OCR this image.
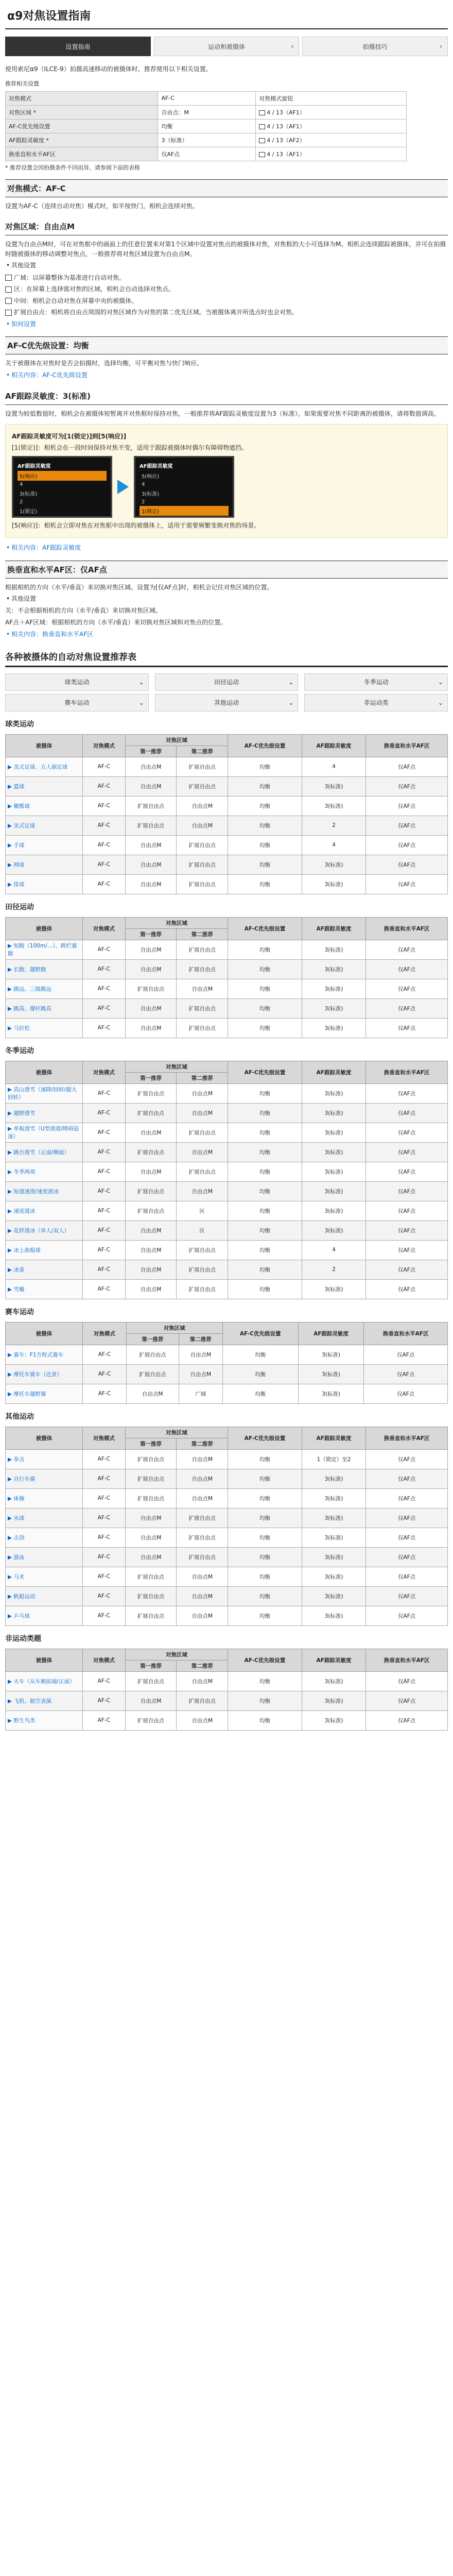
α9对焦设置指南
设置指南	运动和被摄体	›	拍摄技巧	›

使用索尼α9（ILCE-9）拍摄高速移动的被摄体时，推荐使用以下相关设置。

推荐相关设置

对焦模式	AF-C	对焦模式旋钮
对焦区域 *	自由点：M	4 / 13（AF1）
AF-C优先级设置	均衡	4 / 13（AF1）
AF跟踪灵敏度 *	3（标准）	4 / 13（AF2）
换垂直和水平AF区	仅AF点	4 / 13（AF1）

* 推荐设置会因拍摄条件不同而异，请参阅下面的表格

对焦模式：AF-C

设置为AF-C（连续自动对焦）模式时，如半按快门，相机会连续对焦。

对焦区域：自由点M

设置为自由点M时，可在对焦框中的画面上的任意位置来对第1个区域中设置对焦点的被摄体对焦，对焦框的大小可选择为M。相机会连续跟踪被摄体，并可在拍摄时随被摄体的移动调整对焦点，一般推荐将对焦区域设置为自由点M。

• 其他设置

广域：以屏幕整体为基准进行自动对焦。

区：在屏幕上选择需对焦的区域，相机会自动选择对焦点。

中间：相机会自动对焦在屏幕中央的被摄体。

扩展自由点：相机将自由点周围的对焦区域作为对焦的第二优先区域。当被摄体离开所选点时也会对焦。

• 如何设置
AF-C优先级设置：均衡

关于被摄体在对焦时是否会拍摄时，选择均衡，可平衡对焦与快门响应。

• 相关内容：AF-C优先级设置
AF跟踪灵敏度：3(标准)

设置为较低数值时，相机会在被摄体短暂离开对焦框时保持对焦，一般推荐将AF跟踪灵敏度设置为3（标准），如果需要对焦不同距离的被摄体，请将数值调高。

AF跟踪灵敏度可为[1(锁定)]到[5(响应)]

[1(锁定)]：相机会在一段时间保持对焦不变，适用于跟踪被摄体时偶尔有障碍物遮挡。

AF跟踪灵敏度
5(响应)
4
3(标准)
2
1(锁定)
AF跟踪灵敏度
5(响应)
4
3(标准)
2
1(锁定)

[5(响应)]：相机会立即对焦在对焦框中出现的被摄体上，适用于需要频繁变换对焦的场景。

• 相关内容：AF跟踪灵敏度
换垂直和水平AF区：仅AF点

根据相机的方向（水平/垂直）来切换对焦区域。设置为[仅AF点]时，相机会记住对焦区域的位置。

• 其他设置

关：不会根据相机的方向（水平/垂直）来切换对焦区域。

AF点＋AF区域：根据相机的方向（水平/垂直）来切换对焦区域和对焦点的位置。

• 相关内容：换垂直和水平AF区
各种被摄体的自动对焦设置推荐表
球类运动	⌄	田径运动	⌄	冬季运动	⌄
赛车运动	⌄	其他运动	⌄	非运动类	⌄
球类运动
被摄体	对焦模式	对焦区域		AF-C优先级设置	AF跟踪灵敏度	换垂直和水平AF区
		第一推荐	第二推荐			
▶ 美式足球、五人制足球	AF-C	自由点M	扩展自由点	均衡	4	仅AF点
▶ 篮球	AF-C	自由点M	扩展自由点	均衡	3(标准)	仅AF点
▶ 橄榄球	AF-C	扩展自由点	自由点M	均衡	3(标准)	仅AF点
▶ 美式足球	AF-C	扩展自由点	自由点M	均衡	2	仅AF点
▶ 手球	AF-C	自由点M	扩展自由点	均衡	4	仅AF点
▶ 网球	AF-C	自由点M	扩展自由点	均衡	3(标准)	仅AF点
▶ 排球	AF-C	自由点M	扩展自由点	均衡	3(标准)	仅AF点
田径运动
被摄体	对焦模式	对焦区域		AF-C优先级设置	AF跟踪灵敏度	换垂直和水平AF区
		第一推荐	第二推荐			
▶ 短跑（100m/…）、跨栏赛跑	AF-C	自由点M	扩展自由点	均衡	3(标准)	仅AF点
▶ 长跑、越野跑	AF-C	自由点M	扩展自由点	均衡	3(标准)	仅AF点
▶ 跳远、三级跳远	AF-C	扩展自由点	自由点M	均衡	3(标准)	仅AF点
▶ 跳高、撑杆跳高	AF-C	自由点M	扩展自由点	均衡	3(标准)	仅AF点
▶ 马拉松	AF-C	自由点M	扩展自由点	均衡	3(标准)	仅AF点
冬季运动
被摄体	对焦模式	对焦区域		AF-C优先级设置	AF跟踪灵敏度	换垂直和水平AF区
		第一推荐	第二推荐			
▶ 高山滑雪（速降/回转/超大回转）	AF-C	扩展自由点	自由点M	均衡	3(标准)	仅AF点
▶ 越野滑雪	AF-C	扩展自由点	自由点M	均衡	3(标准)	仅AF点
▶ 单板滑雪（U型滑道/障碍追逐）	AF-C	自由点M	扩展自由点	均衡	3(标准)	仅AF点
▶ 跳台滑雪（正面/侧面）	AF-C	扩展自由点	自由点M	均衡	3(标准)	仅AF点
▶ 冬季两项	AF-C	自由点M	扩展自由点	均衡	3(标准)	仅AF点
▶ 短道速滑/速度滑冰	AF-C	扩展自由点	自由点M	均衡	3(标准)	仅AF点
▶ 速度滑冰	AF-C	扩展自由点	区	均衡	3(标准)	仅AF点
▶ 花样滑冰（单人/双人）	AF-C	自由点M	区	均衡	3(标准)	仅AF点
▶ 冰上曲棍球	AF-C	自由点M	扩展自由点	均衡	4	仅AF点
▶ 冰壶	AF-C	自由点M	扩展自由点	均衡	2	仅AF点
▶ 雪橇	AF-C	自由点M	扩展自由点	均衡	3(标准)	仅AF点
赛车运动
被摄体	对焦模式	对焦区域		AF-C优先级设置	AF跟踪灵敏度	换垂直和水平AF区
		第一推荐	第二推荐			
▶ 赛车：F1方程式赛车	AF-C	扩展自由点	自由点M	均衡	3(标准)	仅AF点
▶ 摩托车赛车（近景）	AF-C	扩展自由点	自由点M	均衡	3(标准)	仅AF点
▶ 摩托车越野赛	AF-C	自由点M	广域	均衡	3(标准)	仅AF点
其他运动
被摄体	对焦模式	对焦区域		AF-C优先级设置	AF跟踪灵敏度	换垂直和水平AF区
		第一推荐	第二推荐			
▶ 拳击	AF-C	扩展自由点	自由点M	均衡	1（锁定）至2	仅AF点
▶ 自行车赛	AF-C	扩展自由点	自由点M	均衡	3(标准)	仅AF点
▶ 体操	AF-C	扩展自由点	自由点M	均衡	3(标准)	仅AF点
▶ 水球	AF-C	自由点M	扩展自由点	均衡	3(标准)	仅AF点
▶ 击剑	AF-C	自由点M	扩展自由点	均衡	3(标准)	仅AF点
▶ 游泳	AF-C	自由点M	扩展自由点	均衡	3(标准)	仅AF点
▶ 马术	AF-C	扩展自由点	自由点M	均衡	3(标准)	仅AF点
▶ 帆船运动	AF-C	扩展自由点	自由点M	均衡	3(标准)	仅AF点
▶ 乒乓球	AF-C	扩展自由点	自由点M	均衡	3(标准)	仅AF点
非运动类题
被摄体	对焦模式	对焦区域		AF-C优先级设置	AF跟踪灵敏度	换垂直和水平AF区
		第一推荐	第二推荐			
▶ 火车（从车厢前端/正面）	AF-C	扩展自由点	自由点M	均衡	3(标准)	仅AF点
▶ 飞机、航空表演	AF-C	自由点M	扩展自由点	均衡	3(标准)	仅AF点
▶ 野生鸟类	AF-C	扩展自由点	自由点M	均衡	3(标准)	仅AF点
